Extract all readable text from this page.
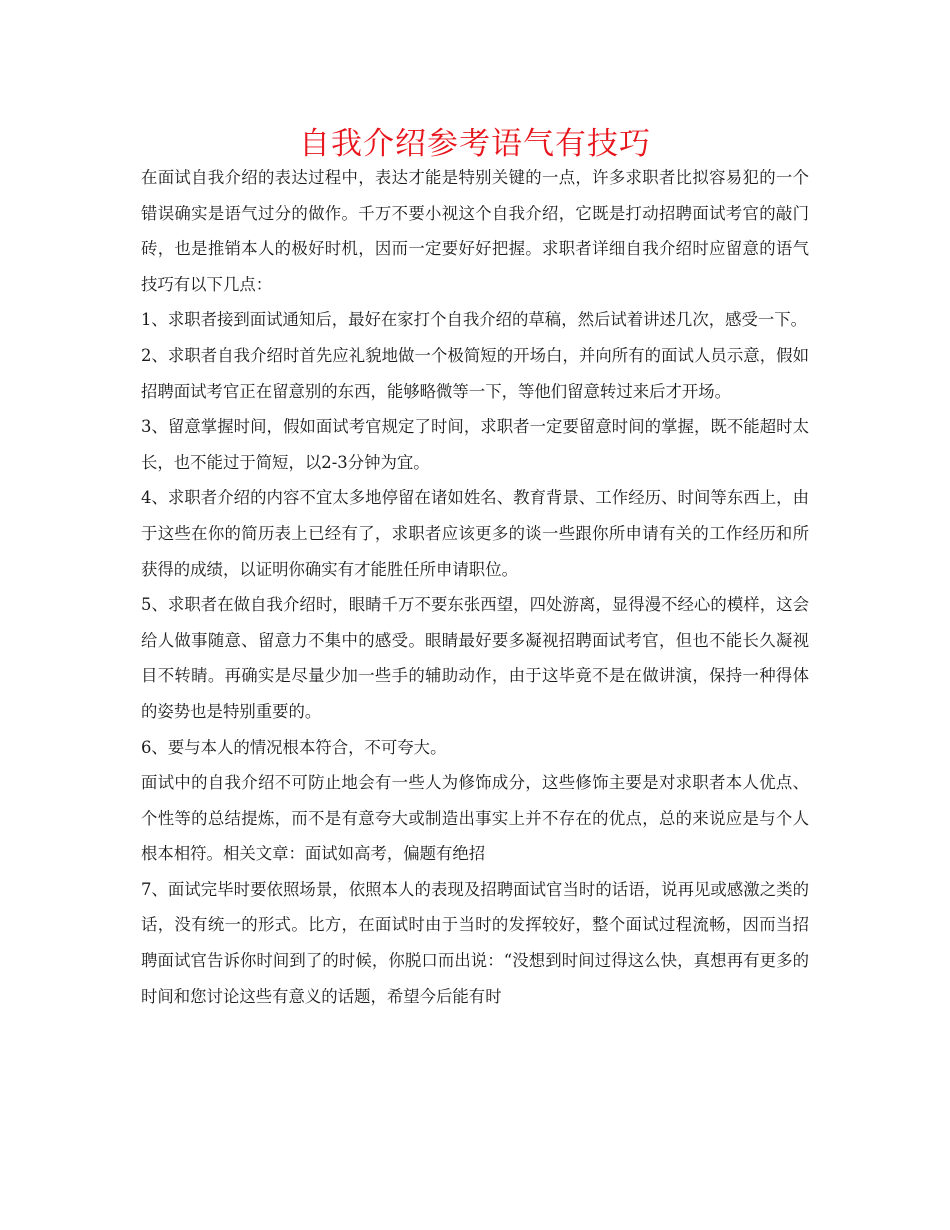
自我介绍参考语气有技巧

在面试自我介绍的表达过程中，表达才能是特别关键的一点，许多求职者比拟容易犯的一个错误确实是语气过分的做作。千万不要小视这个自我介绍，它既是打动招聘面试考官的敲门砖，也是推销本人的极好时机，因而一定要好好把握。求职者详细自我介绍时应留意的语气技巧有以下几点：

1、求职者接到面试通知后，最好在家打个自我介绍的草稿，然后试着讲述几次，感受一下。

2、求职者自我介绍时首先应礼貌地做一个极简短的开场白，并向所有的面试人员示意，假如招聘面试考官正在留意别的东西，能够略微等一下，等他们留意转过来后才开场。

3、留意掌握时间，假如面试考官规定了时间，求职者一定要留意时间的掌握，既不能超时太长，也不能过于简短，以2-3分钟为宜。

4、求职者介绍的内容不宜太多地停留在诸如姓名、教育背景、工作经历、时间等东西上，由于这些在你的简历表上已经有了，求职者应该更多的谈一些跟你所申请有关的工作经历和所获得的成绩，以证明你确实有才能胜任所申请职位。

5、求职者在做自我介绍时，眼睛千万不要东张西望，四处游离，显得漫不经心的模样，这会给人做事随意、留意力不集中的感受。眼睛最好要多凝视招聘面试考官，但也不能长久凝视目不转睛。再确实是尽量少加一些手的辅助动作，由于这毕竟不是在做讲演，保持一种得体的姿势也是特别重要的。

6、要与本人的情况根本符合，不可夸大。

面试中的自我介绍不可防止地会有一些人为修饰成分，这些修饰主要是对求职者本人优点、个性等的总结提炼，而不是有意夸大或制造出事实上并不存在的优点，总的来说应是与个人根本相符。相关文章：面试如高考，偏题有绝招

7、面试完毕时要依照场景，依照本人的表现及招聘面试官当时的话语，说再见或感激之类的话，没有统一的形式。比方，在面试时由于当时的发挥较好，整个面试过程流畅，因而当招聘面试官告诉你时间到了的时候，你脱口而出说：“没想到时间过得这么快，真想再有更多的时间和您讨论这些有意义的话题，希望今后能有时
